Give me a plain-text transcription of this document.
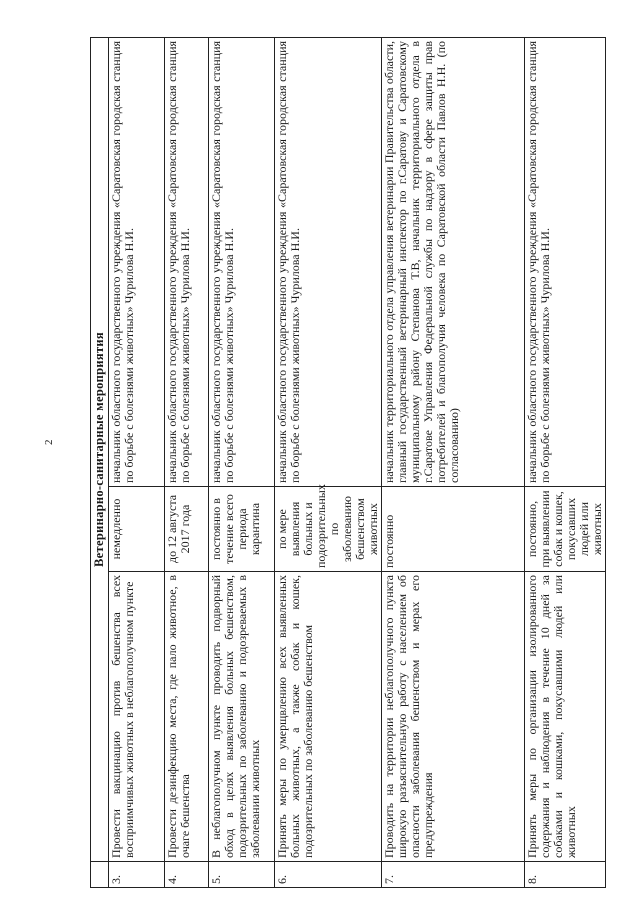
2
		Ветеринарно-санитарные мероприятия		
3.	Провести вакцинацию против бешенства всех восприимчивых животных в неблагополучном пункте	немедленно	начальник областного государственного учреждения «Саратовская городская станция по борьбе с болезнями животных» Чурилова Н.И.
4.	Провести дезинфекцию места, где пало животное, в очаге бешенства	до 12 августа 2017 года	начальник областного государственного учреждения «Саратовская городская станция по борьбе с болезнями животных» Чурилова Н.И.
5.	В неблагополучном пункте проводить подворный обход в целях выявления больных бешенством, подозрительных по заболеванию и подозреваемых в заболевании животных	постоянно в течение всего периода карантина	начальник областного государственного учреждения «Саратовская городская станция по борьбе с болезнями животных» Чурилова Н.И.
6.	Принять меры по умерщвлению всех выявленных больных животных, а также собак и кошек, подозрительных по заболеванию бешенством	по мере выявления больных и подозрительных по заболеванию бешенством животных	начальник областного государственного учреждения «Саратовская городская станция по борьбе с болезнями животных» Чурилова Н.И.
7.	Проводить на территории неблагополучного пункта широкую разъяснительную работу с населением об опасности заболевания бешенством и мерах его предупреждения	постоянно	начальник территориального отдела управления ветеринарии Правительства области, главный государственный ветеринарный инспектор по г.Саратову и Саратовскому муниципальному району Степанова Т.В, начальник территориального отдела в г.Саратове Управления Федеральной службы по надзору в сфере защиты прав потребителей и благополучия человека по Саратовской области Павлов Н.Н. (по согласованию)
8.	Принять меры по организации изолированного содержания и наблюдения в течение 10 дней за собаками и кошками, покусавшими людей или животных	постоянно, при выявлении собак и кошек, покусавших людей или животных	начальник областного государственного учреждения «Саратовская городская станция по борьбе с болезнями животных» Чурилова Н.И.
